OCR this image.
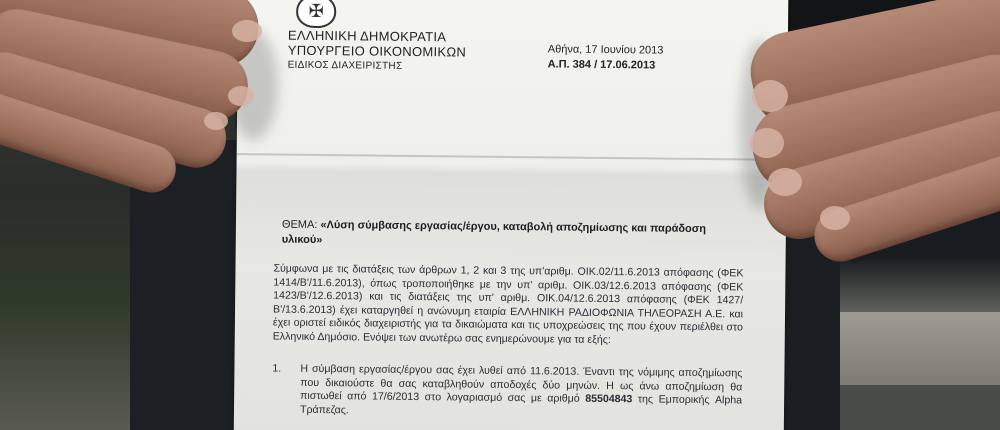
✠
ΕΛΛΗΝΙΚΗ ΔΗΜΟΚΡΑΤΙΑ
ΥΠΟΥΡΓΕΙΟ ΟΙΚΟΝΟΜΙΚΩΝ
ΕΙΔΙΚΟΣ ΔΙΑΧΕΙΡΙΣΤΗΣ
Αθήνα, 17 Ιουνίου 2013
Α.Π. 384 / 17.06.2013
ΘΕΜΑ: «Λύση σύμβασης εργασίας/έργου, καταβολή αποζημίωσης και παράδοση υλικού»
Σύμφωνα με τις διατάξεις των άρθρων 1, 2 και 3 της υπ'αριθμ. ΟΙΚ.02/11.6.2013 απόφασης (ΦΕΚ 1414/Β'/11.6.2013), όπως τροποποιήθηκε με την υπ' αριθμ. ΟΙΚ.03/12.6.2013 απόφασης (ΦΕΚ 1423/Β'/12.6.2013) και τις διατάξεις της υπ' αριθμ. ΟΙΚ.04/12.6.2013 απόφασης (ΦΕΚ 1427/Β'/13.6.2013) έχει καταργηθεί η ανώνυμη εταιρία ΕΛΛΗΝΙΚΗ ΡΑΔΙΟΦΩΝΙΑ ΤΗΛΕΟΡΑΣΗ Α.Ε. και έχει οριστεί ειδικός διαχειριστής για τα δικαιώματα και τις υποχρεώσεις της που έχουν περιέλθει στο Ελληνικό Δημόσιο. Ενόψει των ανωτέρω σας ενημερώνουμε για τα εξής:
1. Η σύμβαση εργασίας/έργου σας έχει λυθεί από 11.6.2013. Έναντι της νόμιμης αποζημίωσης που δικαιούστε θα σας καταβληθούν αποδοχές δύο μηνών. Η ως άνω αποζημίωση θα πιστωθεί από 17/6/2013 στο λογαριασμό σας με αριθμό 85504843 της Εμπορικής Alpha Τράπεζας.
